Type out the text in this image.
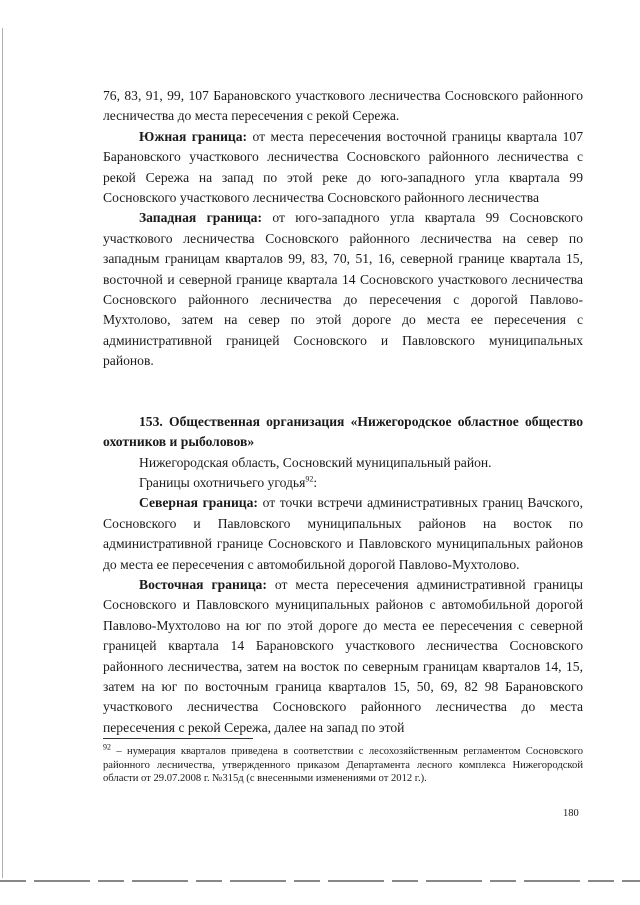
76, 83, 91, 99, 107 Барановского участкового лесничества Сосновского районного лесничества до места пересечения с рекой Сережа.

Южная граница: от места пересечения восточной границы квартала 107 Барановского участкового лесничества Сосновского районного лесничества с рекой Сережа на запад по этой реке до юго-западного угла квартала 99 Сосновского участкового лесничества Сосновского районного лесничества

Западная граница: от юго-западного угла квартала 99 Сосновского участкового лесничества Сосновского районного лесничества на север по западным границам кварталов 99, 83, 70, 51, 16, северной границе квартала 15, восточной и северной границе квартала 14 Сосновского участкового лесничества Сосновского районного лесничества до пересечения с дорогой Павлово-Мухтолово, затем на север по этой дороге до места ее пересечения с административной границей Сосновского и Павловского муниципальных районов.

153. Общественная организация «Нижегородское областное общество охотников и рыболовов»

Нижегородская область, Сосновский муниципальный район.

Границы охотничьего угодья$^{92}$:

Северная граница: от точки встречи административных границ Вачского, Сосновского и Павловского муниципальных районов на восток по административной границе Сосновского и Павловского муниципальных районов до места ее пересечения с автомобильной дорогой Павлово-Мухтолово.

Восточная граница: от места пересечения административной границы Сосновского и Павловского муниципальных районов с автомобильной дорогой Павлово-Мухтолово на юг по этой дороге до места ее пересечения с северной границей квартала 14 Барановского участкового лесничества Сосновского районного лесничества, затем на восток по северным границам кварталов 14, 15, затем на юг по восточным граница кварталов 15, 50, 69, 82 98 Барановского участкового лесничества Сосновского районного лесничества до места пересечения с рекой Сережа, далее на запад по этой

$^{92}$ – нумерация кварталов приведена в соответствии с лесохозяйственным регламентом Сосновского районного лесничества, утвержденного приказом Департамента лесного комплекса Нижегородской области от 29.07.2008 г. №315д (с внесенными изменениями от 2012 г.).

180
